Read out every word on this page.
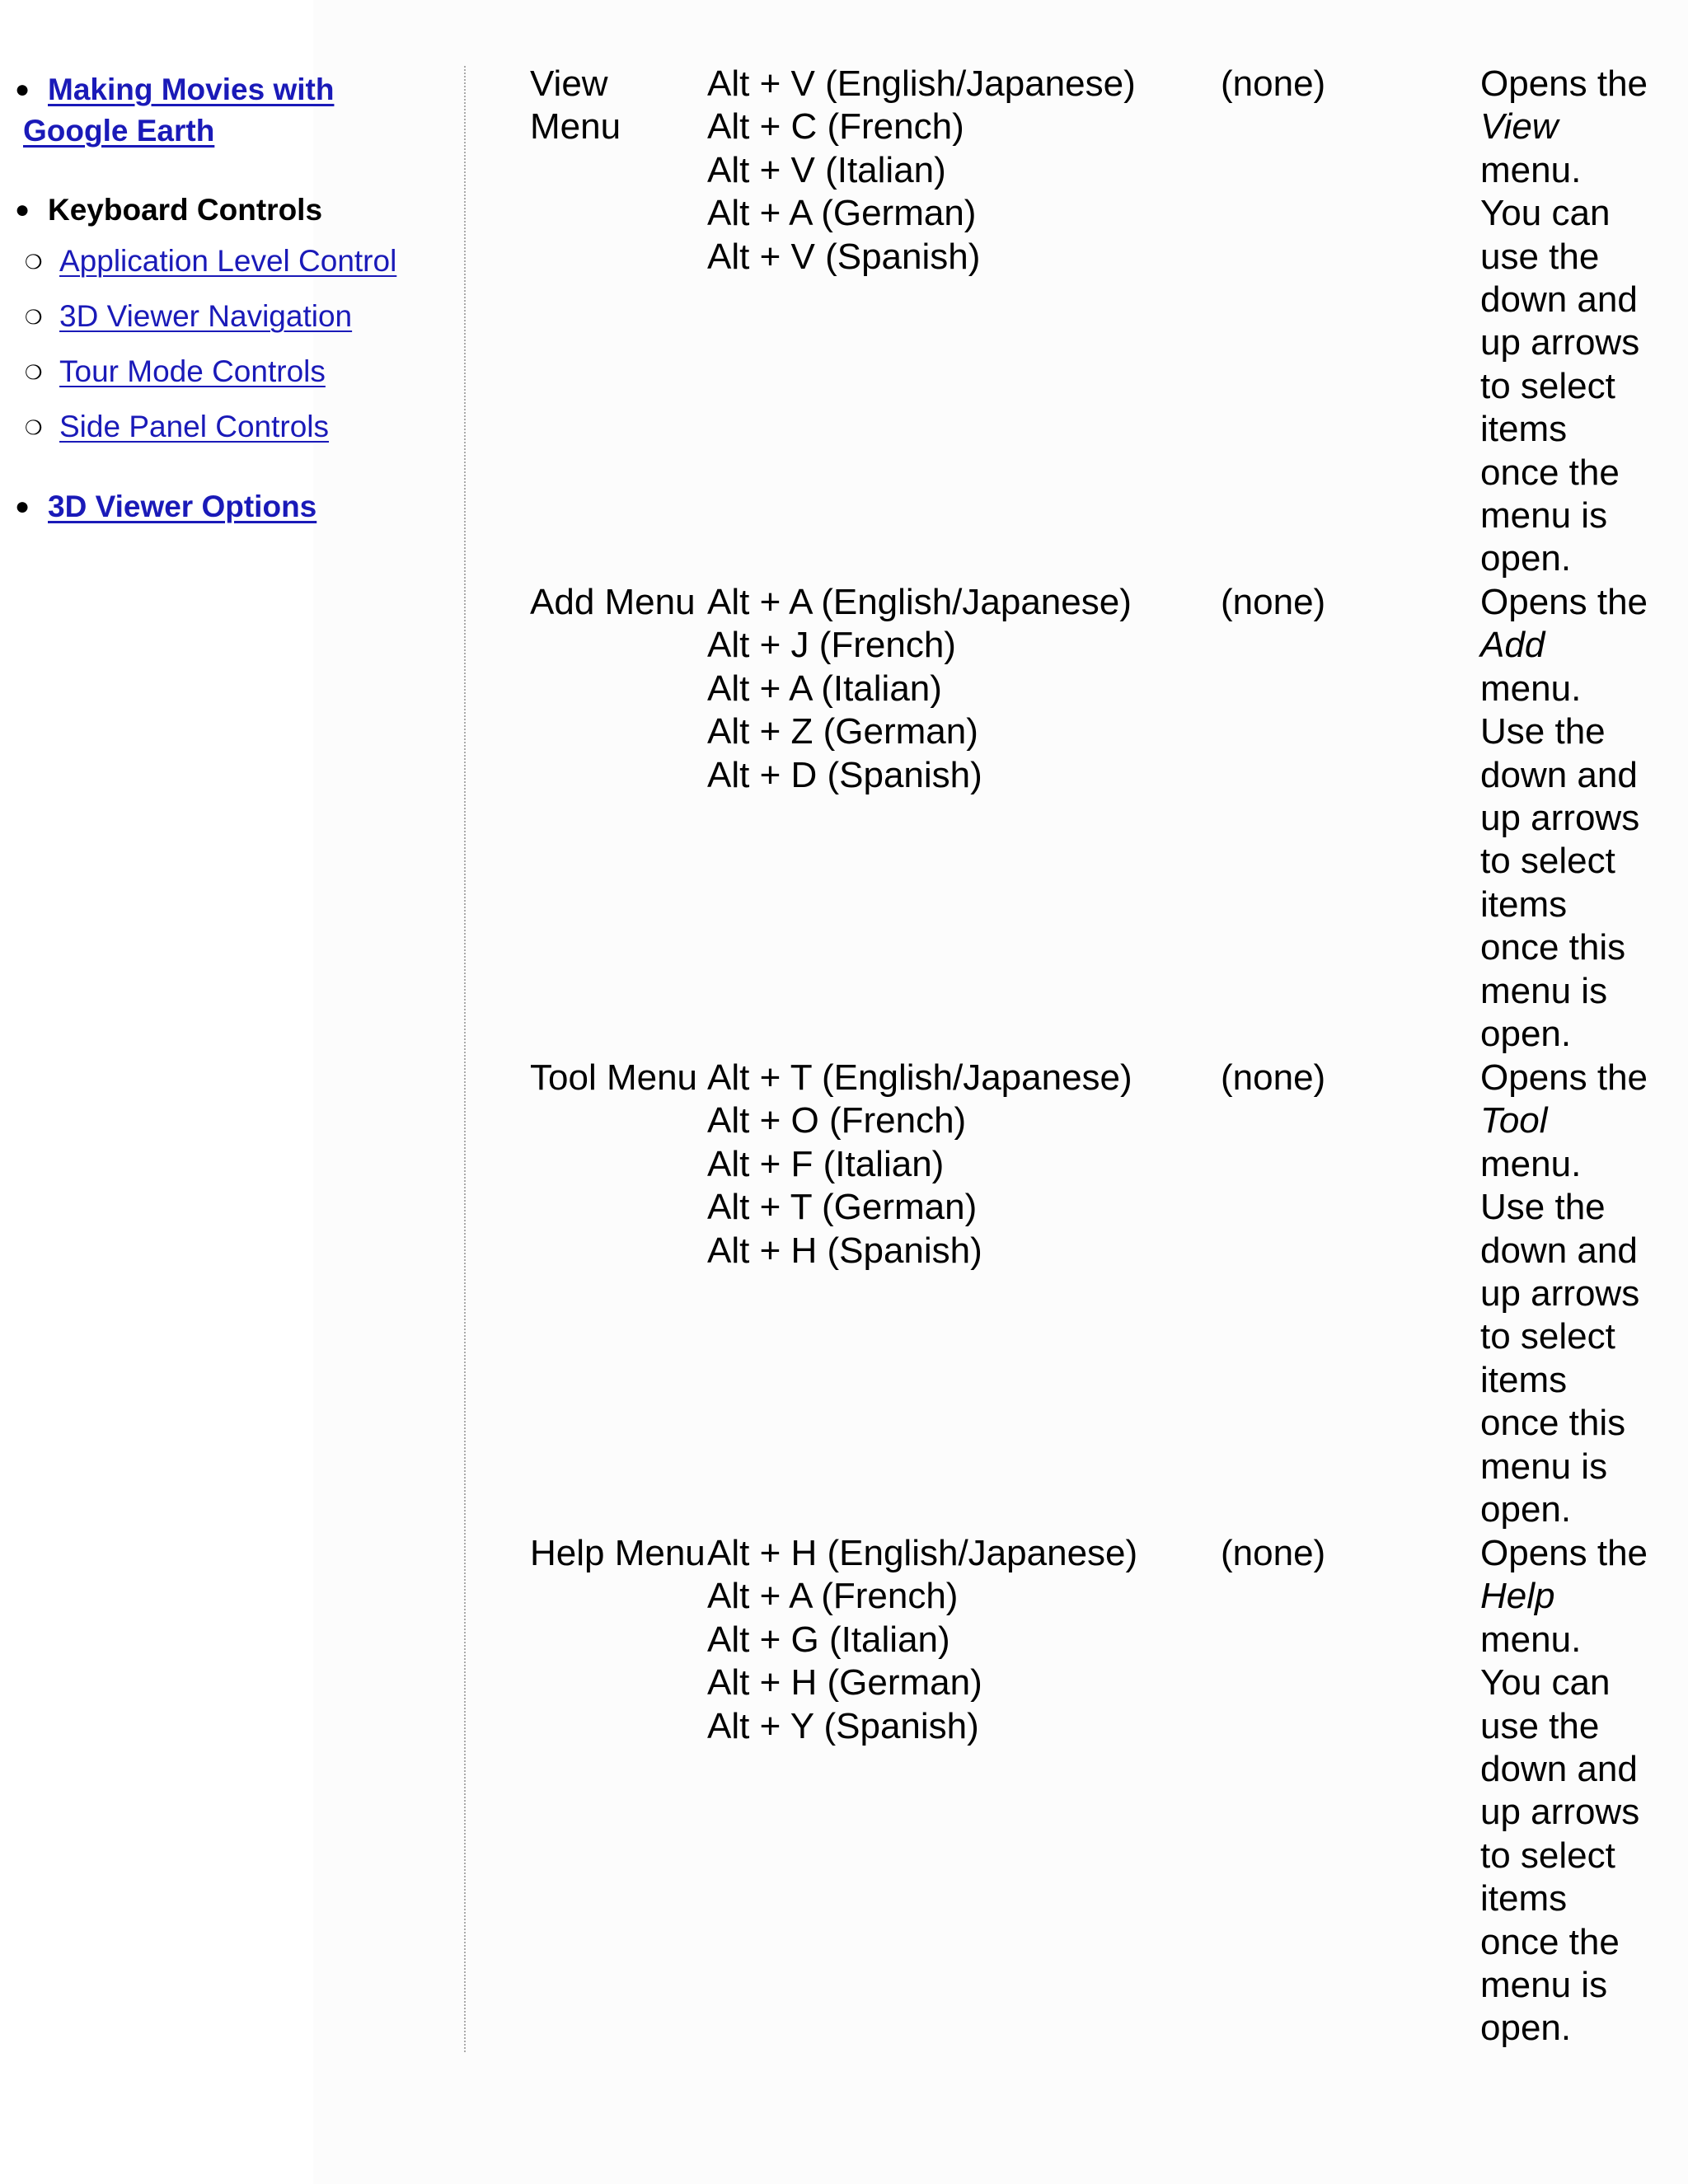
● Making Movies with
Google Earth
● Keyboard Controls
❍ Application Level Control
❍ 3D Viewer Navigation
❍ Tour Mode Controls
❍ Side Panel Controls
● 3D Viewer Options
View
Menu
Alt + V (English/Japanese)
Alt + C (French)
Alt + V (Italian)
Alt + A (German)
Alt + V (Spanish)
(none)	Opens the
View
menu.
You can
use the
down and
up arrows
to select
items
once the
menu is
open.
Add Menu Alt + A (English/Japanese)
Alt + J (French)
Alt + A (Italian)
Alt + Z (German)
Alt + D (Spanish)
(none)	Opens the
Add
menu.
Use the
down and
up arrows
to select
items
once this
menu is
open.
Tool Menu Alt + T (English/Japanese)
Alt + O (French)
Alt + F (Italian)
Alt + T (German)
Alt + H (Spanish)
(none)	Opens the
Tool
menu.
Use the
down and
up arrows
to select
items
once this
menu is
open.
Help Menu Alt + H (English/Japanese)
Alt + A (French)
Alt + G (Italian)
Alt + H (German)
Alt + Y (Spanish)
(none)	Opens the
Help
menu.
You can
use the
down and
up arrows
to select
items
once the
menu is
open.
